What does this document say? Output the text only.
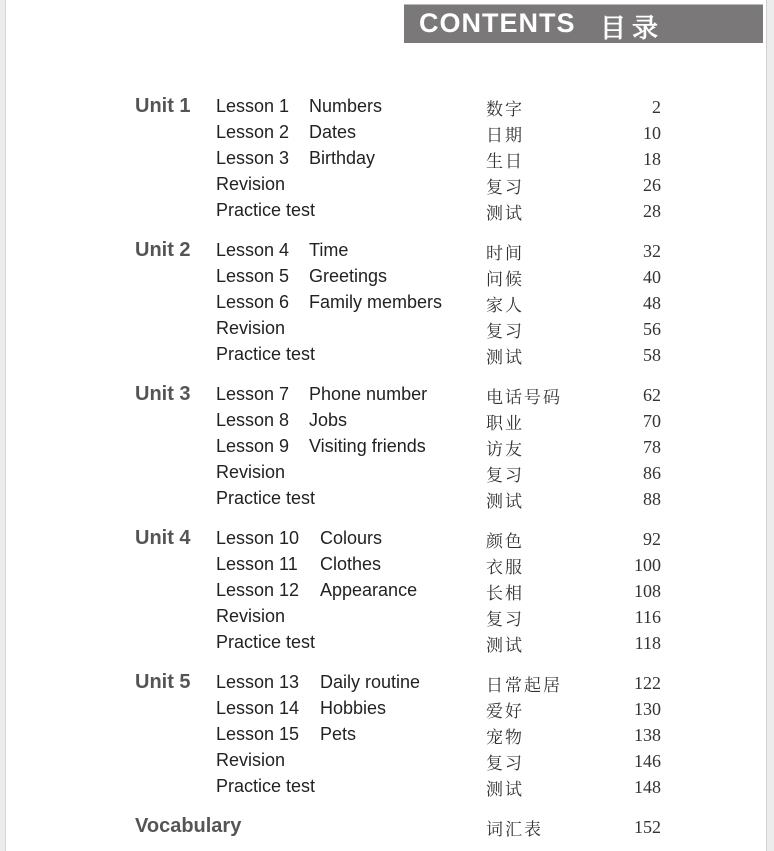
CONTENTS 目录
Unit 1 Lesson 1 Numbers	数字	2
Lesson 2 Dates	日期	10
Lesson 3 Birthday	生日	18
Revision	复习	26
Practice test	测试	28
Unit 2 Lesson 4 Time	时间	32
Lesson 5 Greetings	问候	40
Lesson 6 Family members	家人	48
Revision	复习	56
Practice test	测试	58
Unit 3 Lesson 7 Phone number	电话号码	62
Lesson 8 Jobs	职业	70
Lesson 9 Visiting friends	访友	78
Revision	复习	86
Practice test	测试	88
Unit 4 Lesson 10 Colours	颜色	92
Lesson 11 Clothes	衣服	100
Lesson 12 Appearance	长相	108
Revision	复习	116
Practice test	测试	118
Unit 5 Lesson 13 Daily routine	日常起居	122
Lesson 14 Hobbies	爱好	130
Lesson 15 Pets	宠物	138
Revision	复习	146
Practice test	测试	148
Vocabulary	词汇表	152
